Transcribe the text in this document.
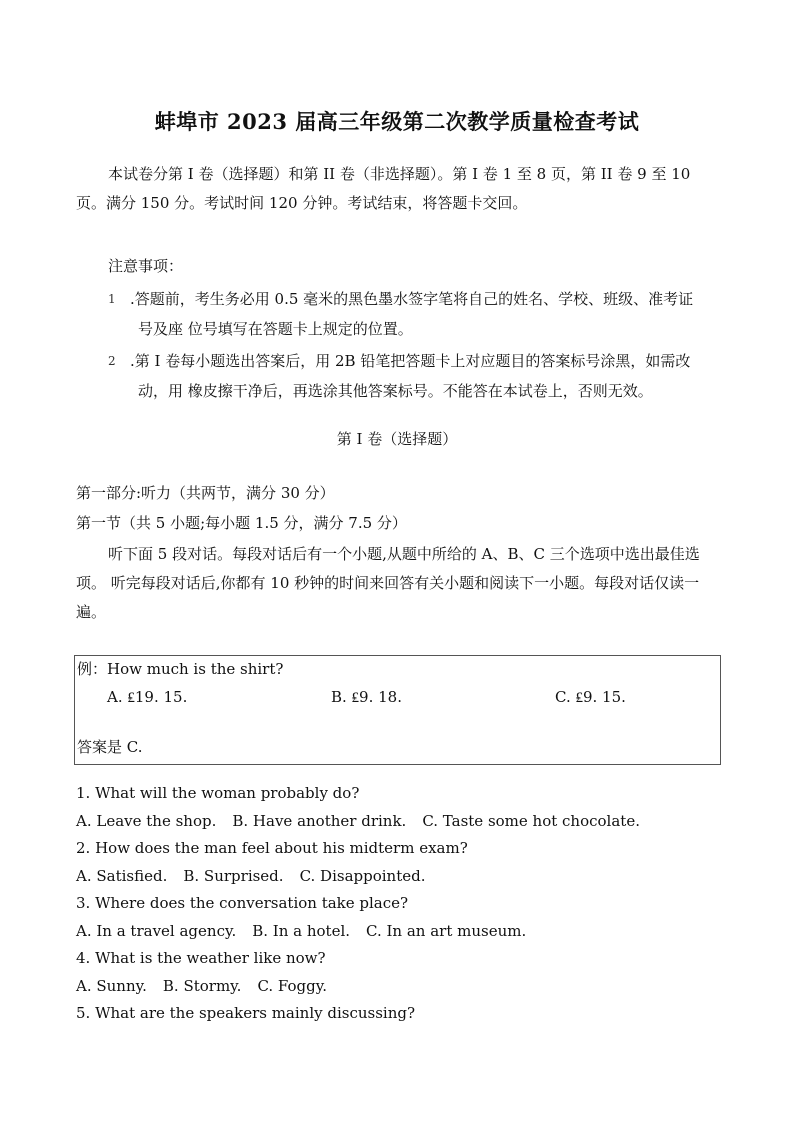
蚌埠市 2023 届高三年级第二次教学质量检查考试
本试卷分第 I 卷（选择题）和第 II 卷（非选择题）。第 I 卷 1 至 8 页，第 II 卷 9 至 10 页。满分 150 分。考试时间 120 分钟。考试结束，将答题卡交回。
注意事项：
1 .答题前，考生务必用 0.5 毫米的黑色墨水签字笔将自己的姓名、学校、班级、准考证
号及座 位号填写在答题卡上规定的位置。
2 .第 I 卷每小题选出答案后，用 2B 铅笔把答题卡上对应题目的答案标号涂黑，如需改
动，用 橡皮擦干净后，再选涂其他答案标号。不能答在本试卷上，否则无效。
第 I 卷（选择题）
第一部分:听力（共两节，满分 30 分）
第一节（共 5 小题;每小题 1.5 分，满分 7.5 分）
听下面 5 段对话。每段对话后有一个小题,从题中所给的 A、B、C 三个选项中选出最佳选项。 听完每段对话后,你都有 10 秒钟的时间来回答有关小题和阅读下一小题。每段对话仅读一遍。
例：How much is the shirt?
A. ₤19. 15.	B. ₤9. 18.	C. ₤9. 15.
答案是 C.
1. What will the woman probably do?
A. Leave the shop. B. Have another drink. C. Taste some hot chocolate.
2. How does the man feel about his midterm exam?
A. Satisfied. B. Surprised. C. Disappointed.
3. Where does the conversation take place?
A. In a travel agency. B. In a hotel. C. In an art museum.
4. What is the weather like now?
A. Sunny. B. Stormy. C. Foggy.
5. What are the speakers mainly discussing?
